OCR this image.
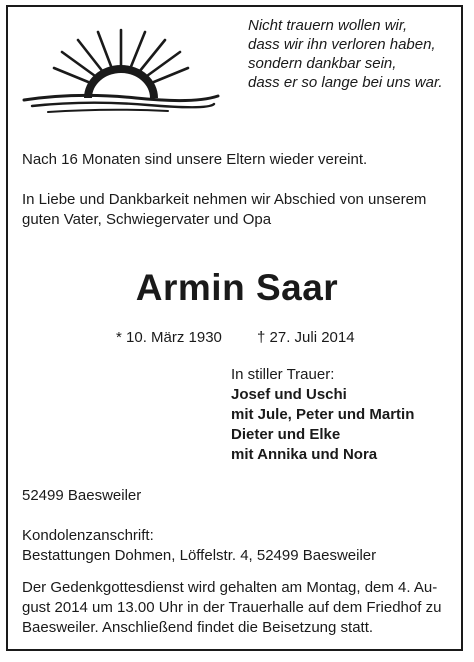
Nicht trauern wollen wir,
dass wir ihn verloren haben,
sondern dankbar sein,
dass er so lange bei uns war.
Nach 16 Monaten sind unsere Eltern wieder vereint.
In Liebe und Dankbarkeit nehmen wir Abschied von unserem
guten Vater, Schwiegervater und Opa
Armin Saar
* 10. März 1930 † 27. Juli 2014
In stiller Trauer:
Josef und Uschi
mit Jule, Peter und Martin
Dieter und Elke
mit Annika und Nora
52499 Baesweiler
Kondolenzanschrift:
Bestattungen Dohmen, Löffelstr. 4, 52499 Baesweiler
Der Gedenkgottesdienst wird gehalten am Montag, dem 4. Au-
gust 2014 um 13.00 Uhr in der Trauerhalle auf dem Friedhof zu
Baesweiler. Anschließend findet die Beisetzung statt.
